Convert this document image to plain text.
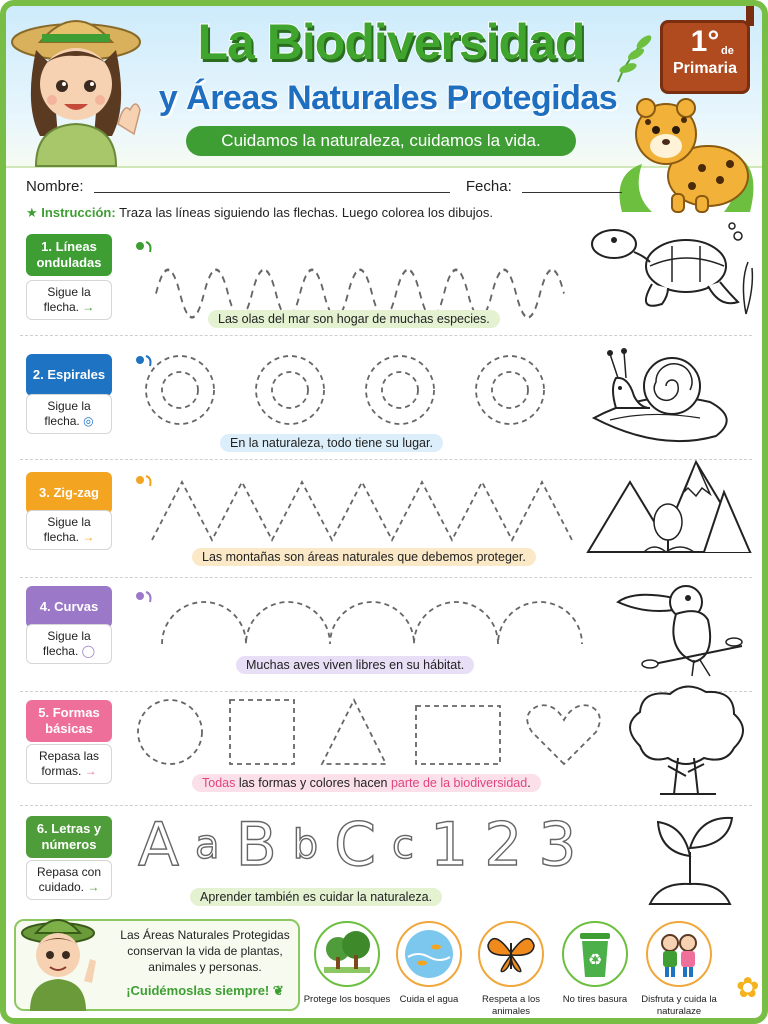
La Biodiversidad
y Áreas Naturales Protegidas
Cuidamos la naturaleza, cuidamos la vida.
1° de
Primaria
Nombre:	Fecha:
★ Instrucción: Traza las líneas siguiendo las flechas. Luego colorea los dibujos.
1. Líneas onduladas
Sigue la flecha. →
Las olas del mar son hogar de muchas especies.
2. Espirales
Sigue la flecha. ◎
En la naturaleza, todo tiene su lugar.
3. Zig-zag
Sigue la flecha. →
Las montañas son áreas naturales que debemos proteger.
4. Curvas
Sigue la flecha. ◯
Muchas aves viven libres en su hábitat.
5. Formas básicas
Repasa las formas. →
Todas las formas y colores hacen parte de la biodiversidad.
6. Letras y números
Repasa con cuidado. →
A a B b C c 1 2 3
Aprender también es cuidar la naturaleza.
Las Áreas Naturales Protegidas conservan la vida de plantas, animales y personas.
¡Cuidémoslas siempre! ❦
Protege los bosques Cuida el agua	Respeta a los animales
♻
No tires basura	Disfruta y cuida la naturalaze
✿
